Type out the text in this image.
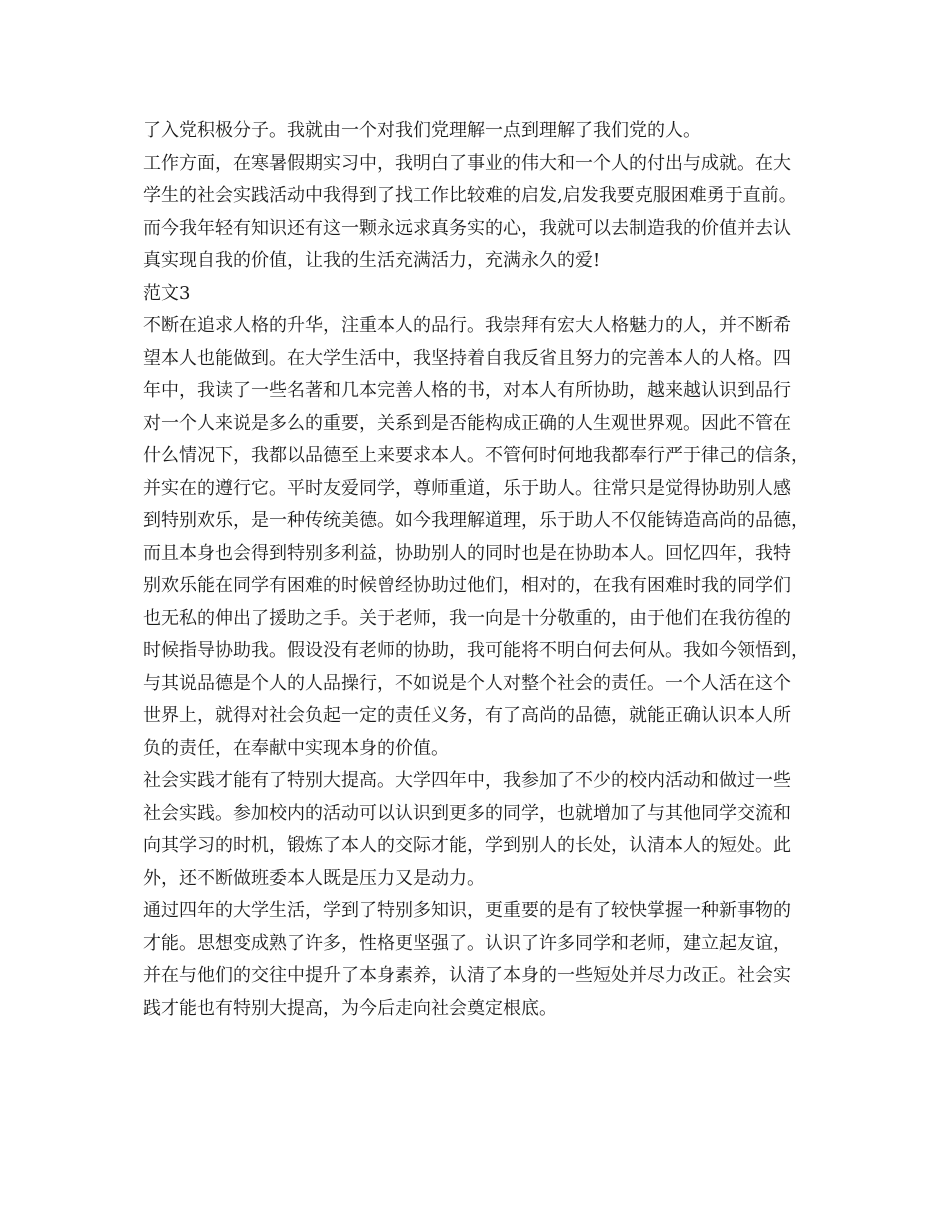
了入党积极分子。我就由一个对我们党理解一点到理解了我们党的人。
工作方面，在寒暑假期实习中，我明白了事业的伟大和一个人的付出与成就。在大
学生的社会实践活动中我得到了找工作比较难的启发,启发我要克服困难勇于直前。
而今我年轻有知识还有这一颗永远求真务实的心，我就可以去制造我的价值并去认
真实现自我的价值，让我的生活充满活力，充满永久的爱!
范文3
不断在追求人格的升华，注重本人的品行。我崇拜有宏大人格魅力的人，并不断希
望本人也能做到。在大学生活中，我坚持着自我反省且努力的完善本人的人格。四
年中，我读了一些名著和几本完善人格的书，对本人有所协助，越来越认识到品行
对一个人来说是多么的重要，关系到是否能构成正确的人生观世界观。因此不管在
什么情况下，我都以品德至上来要求本人。不管何时何地我都奉行严于律己的信条，
并实在的遵行它。平时友爱同学，尊师重道，乐于助人。往常只是觉得协助别人感
到特别欢乐，是一种传统美德。如今我理解道理，乐于助人不仅能铸造高尚的品德，
而且本身也会得到特别多利益，协助别人的同时也是在协助本人。回忆四年，我特
别欢乐能在同学有困难的时候曾经协助过他们，相对的，在我有困难时我的同学们
也无私的伸出了援助之手。关于老师，我一向是十分敬重的，由于他们在我彷徨的
时候指导协助我。假设没有老师的协助，我可能将不明白何去何从。我如今领悟到，
与其说品德是个人的人品操行，不如说是个人对整个社会的责任。一个人活在这个
世界上，就得对社会负起一定的责任义务，有了高尚的品德，就能正确认识本人所
负的责任，在奉献中实现本身的价值。
社会实践才能有了特别大提高。大学四年中，我参加了不少的校内活动和做过一些
社会实践。参加校内的活动可以认识到更多的同学，也就增加了与其他同学交流和
向其学习的时机，锻炼了本人的交际才能，学到别人的长处，认清本人的短处。此
外，还不断做班委本人既是压力又是动力。
通过四年的大学生活，学到了特别多知识，更重要的是有了较快掌握一种新事物的
才能。思想变成熟了许多，性格更坚强了。认识了许多同学和老师，建立起友谊，
并在与他们的交往中提升了本身素养，认清了本身的一些短处并尽力改正。社会实
践才能也有特别大提高，为今后走向社会奠定根底。
